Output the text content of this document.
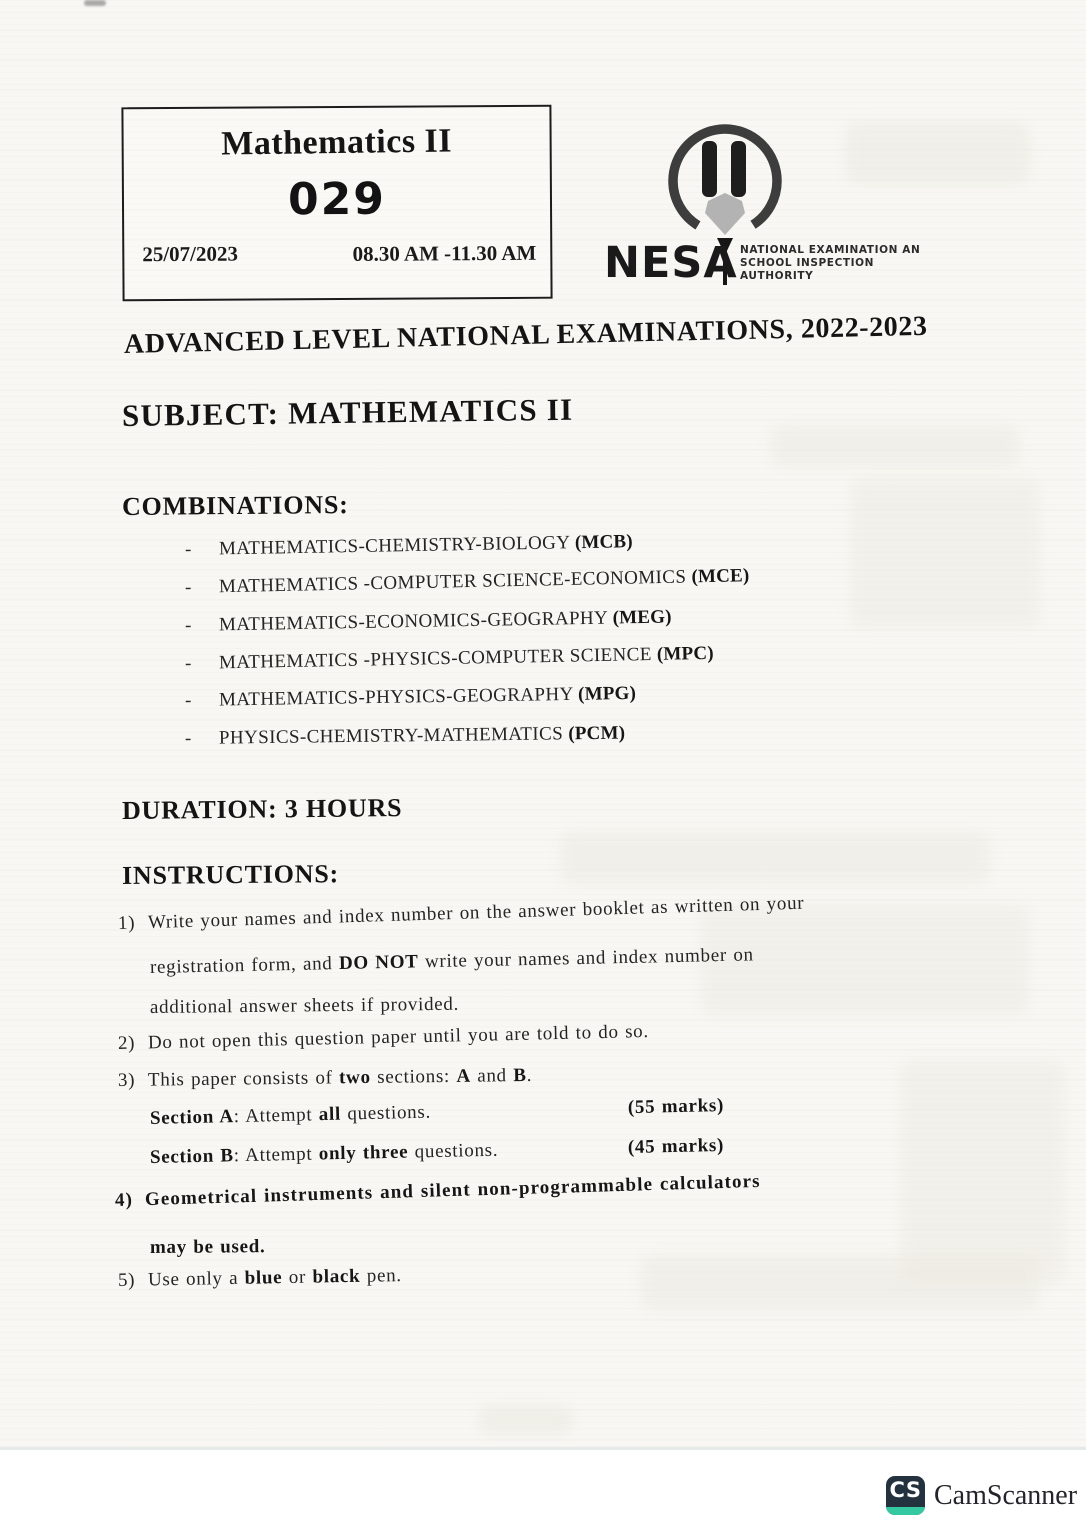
Mathematics II
029
25/07/2023	08.30 AM -11.30 AM NESA NATIONAL EXAMINATION AND
SCHOOL INSPECTION
AUTHORITY
ADVANCED LEVEL NATIONAL EXAMINATIONS, 2022-2023
SUBJECT: MATHEMATICS II
COMBINATIONS:
- MATHEMATICS-CHEMISTRY-BIOLOGY (MCB)
- MATHEMATICS -COMPUTER SCIENCE-ECONOMICS (MCE)
- MATHEMATICS-ECONOMICS-GEOGRAPHY (MEG)
- MATHEMATICS -PHYSICS-COMPUTER SCIENCE (MPC)
- MATHEMATICS-PHYSICS-GEOGRAPHY (MPG)
- PHYSICS-CHEMISTRY-MATHEMATICS (PCM)
DURATION: 3 HOURS
INSTRUCTIONS:
1) Write your names and index number on the answer booklet as written on your
registration form, and DO NOT write your names and index number on
additional answer sheets if provided.
2) Do not open this question paper until you are told to do so.
3) This paper consists of two sections: A and B.
Section A: Attempt all questions.	(55 marks)
Section B: Attempt only three questions.	(45 marks)
4) Geometrical instruments and silent non-programmable calculators
may be used.
5) Use only a blue or black pen.
CS CamScanner
